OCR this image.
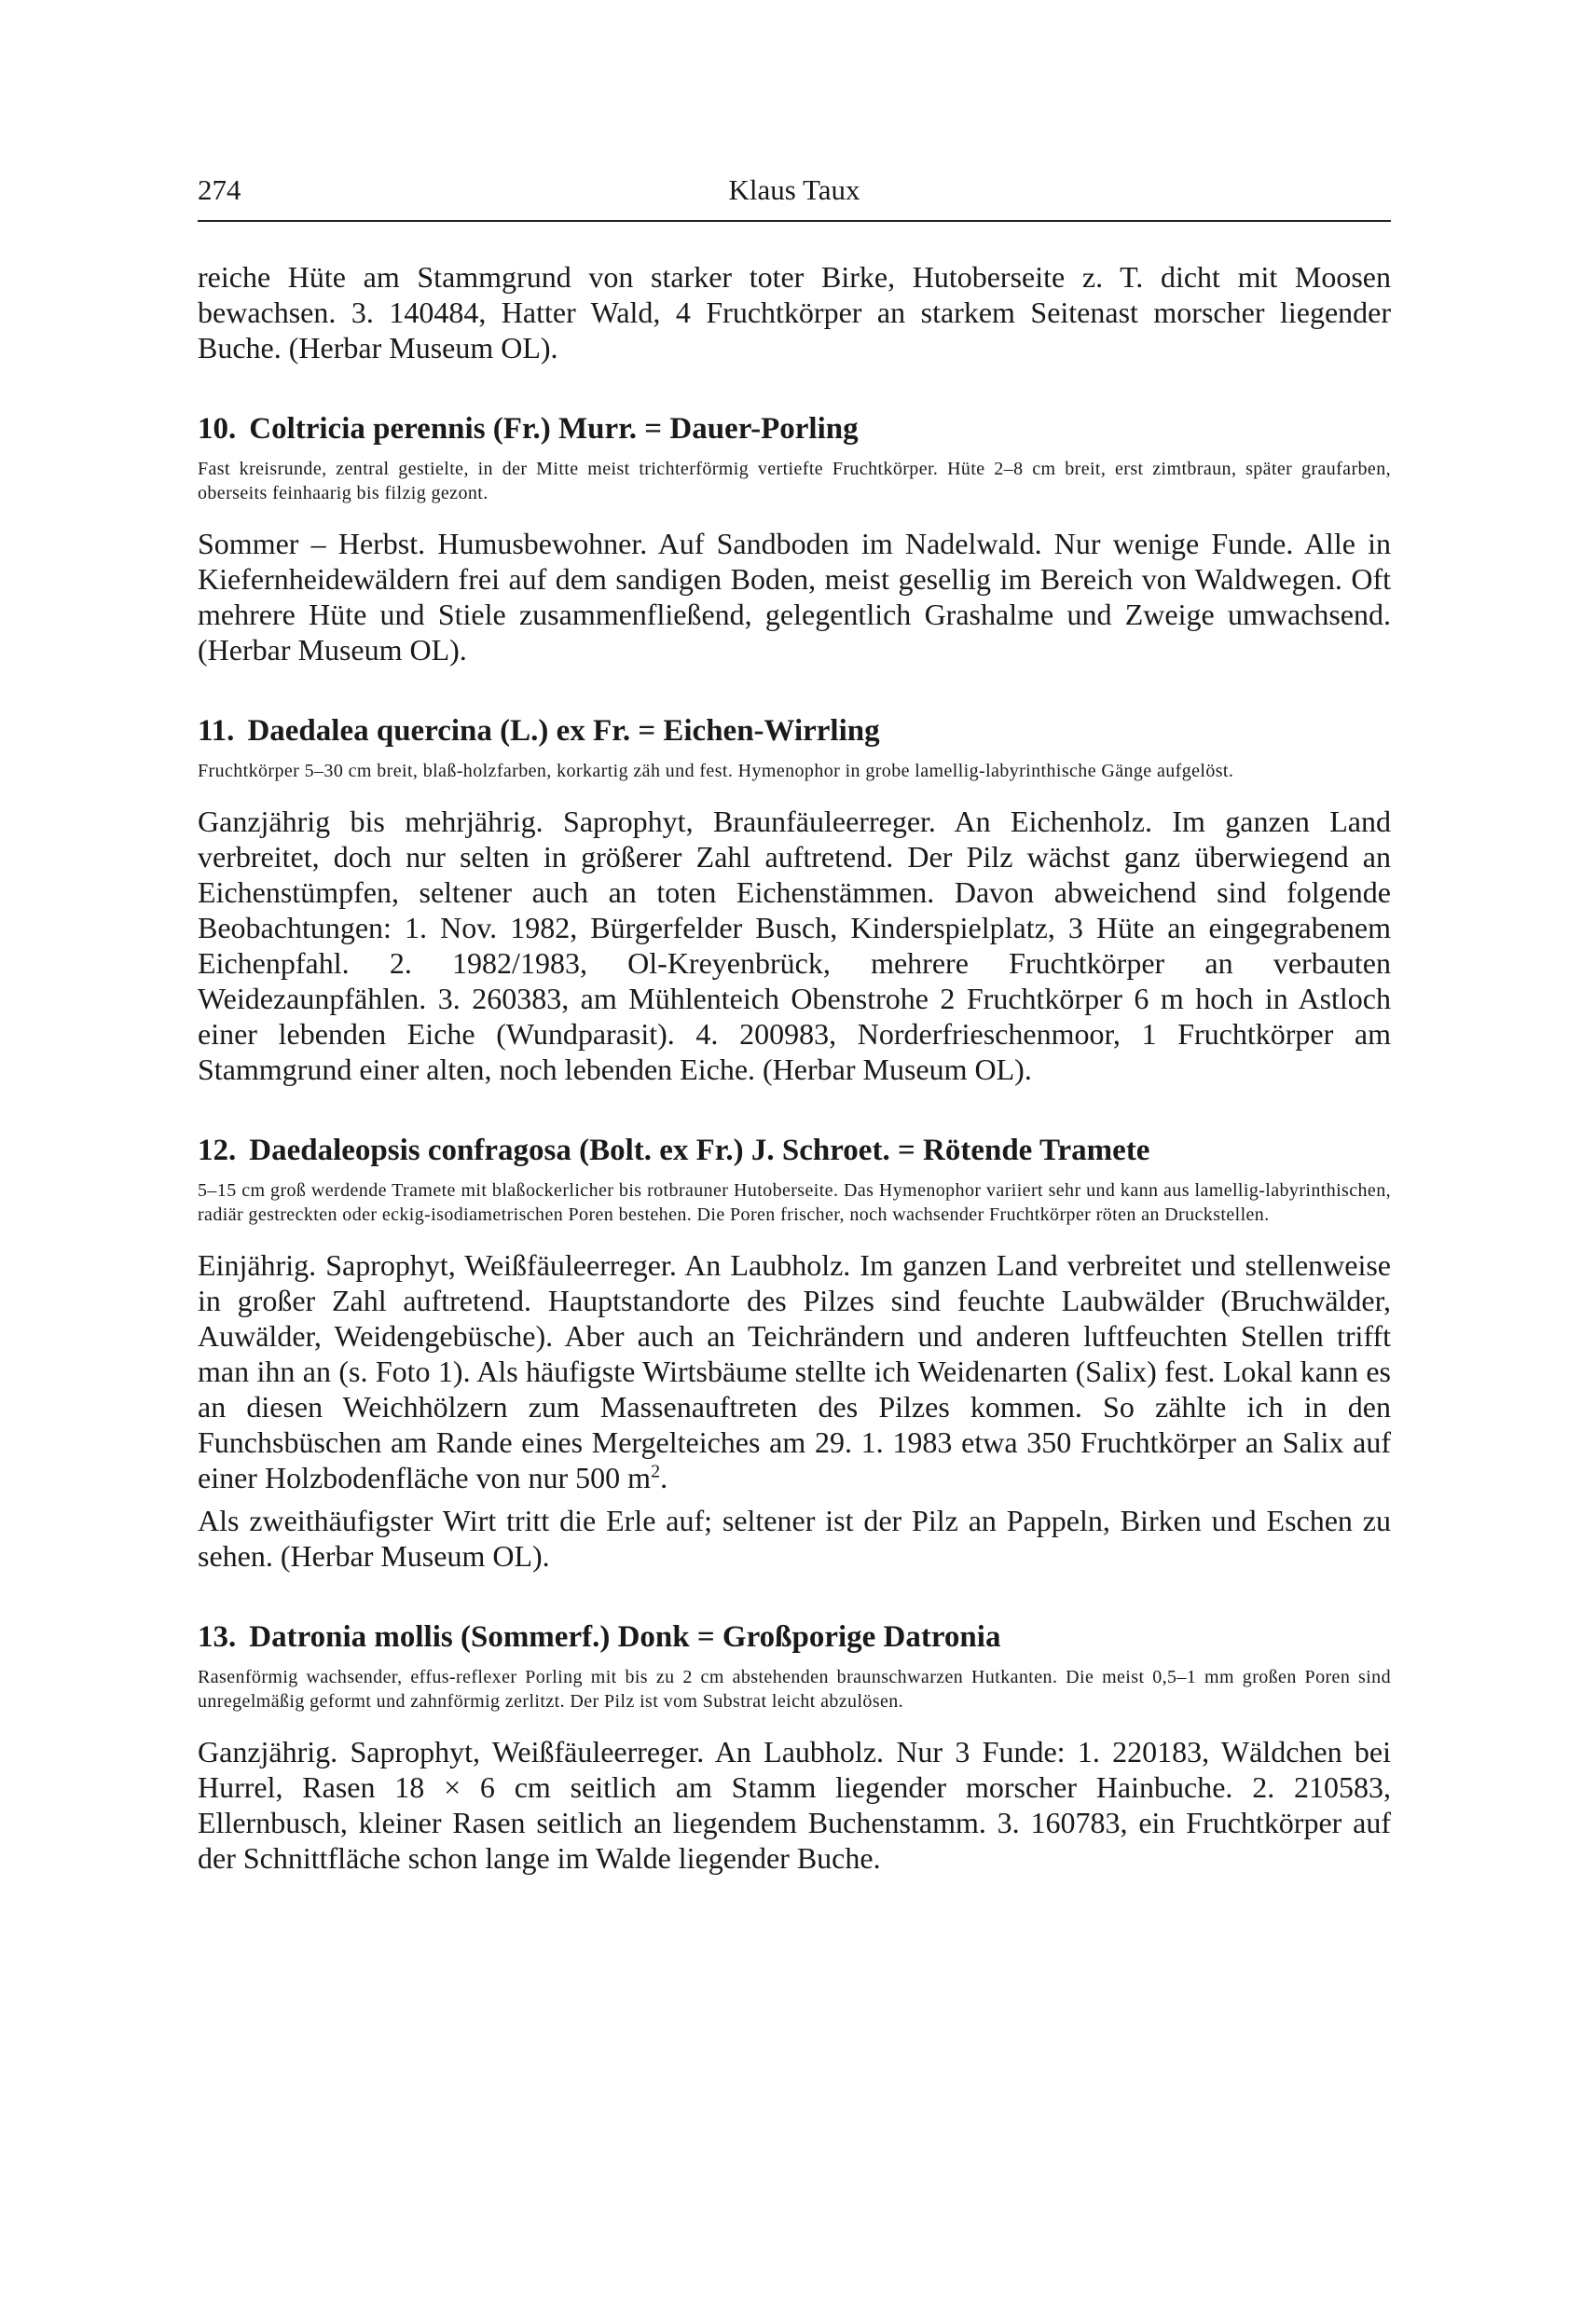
274	Klaus Taux

reiche Hüte am Stammgrund von starker toter Birke, Hutoberseite z. T. dicht mit Moosen bewachsen. 3. 140484, Hatter Wald, 4 Fruchtkörper an starkem Seitenast morscher liegender Buche. (Herbar Museum OL).

10. Coltricia perennis (Fr.) Murr. = Dauer-Porling

Fast kreisrunde, zentral gestielte, in der Mitte meist trichterförmig vertiefte Fruchtkörper. Hüte 2–8 cm breit, erst zimtbraun, später graufarben, oberseits feinhaarig bis filzig gezont.

Sommer – Herbst. Humusbewohner. Auf Sandboden im Nadelwald. Nur wenige Funde. Alle in Kiefernheidewäldern frei auf dem sandigen Boden, meist gesellig im Bereich von Waldwegen. Oft mehrere Hüte und Stiele zusammenfließend, gelegentlich Grashalme und Zweige umwachsend. (Herbar Museum OL).

11. Daedalea quercina (L.) ex Fr. = Eichen-Wirrling

Fruchtkörper 5–30 cm breit, blaß-holzfarben, korkartig zäh und fest. Hymenophor in grobe lamellig-labyrinthische Gänge aufgelöst.

Ganzjährig bis mehrjährig. Saprophyt, Braunfäuleerreger. An Eichenholz. Im ganzen Land verbreitet, doch nur selten in größerer Zahl auftretend. Der Pilz wächst ganz überwiegend an Eichenstümpfen, seltener auch an toten Eichenstämmen. Davon abweichend sind folgende Beobachtungen: 1. Nov. 1982, Bürgerfelder Busch, Kinderspielplatz, 3 Hüte an eingegrabenem Eichenpfahl. 2. 1982/1983, Ol-Kreyenbrück, mehrere Fruchtkörper an verbauten Weidezaunpfählen. 3. 260383, am Mühlenteich Obenstrohe 2 Fruchtkörper 6 m hoch in Astloch einer lebenden Eiche (Wundparasit). 4. 200983, Norderfrieschenmoor, 1 Fruchtkörper am Stammgrund einer alten, noch lebenden Eiche. (Herbar Museum OL).

12. Daedaleopsis confragosa (Bolt. ex Fr.) J. Schroet. = Rötende Tramete

5–15 cm groß werdende Tramete mit blaßockerlicher bis rotbrauner Hutoberseite. Das Hymenophor variiert sehr und kann aus lamellig-labyrinthischen, radiär gestreckten oder eckig-isodiametrischen Poren bestehen. Die Poren frischer, noch wachsender Fruchtkörper röten an Druckstellen.

Einjährig. Saprophyt, Weißfäuleerreger. An Laubholz. Im ganzen Land verbreitet und stellenweise in großer Zahl auftretend. Hauptstandorte des Pilzes sind feuchte Laubwälder (Bruchwälder, Auwälder, Weidengebüsche). Aber auch an Teichrändern und anderen luftfeuchten Stellen trifft man ihn an (s. Foto 1). Als häufigste Wirtsbäume stellte ich Weidenarten (Salix) fest. Lokal kann es an diesen Weichhölzern zum Massenauftreten des Pilzes kommen. So zählte ich in den Funchsbüschen am Rande eines Mergelteiches am 29. 1. 1983 etwa 350 Fruchtkörper an Salix auf einer Holzbodenfläche von nur 500 $m^2$.

Als zweithäufigster Wirt tritt die Erle auf; seltener ist der Pilz an Pappeln, Birken und Eschen zu sehen. (Herbar Museum OL).

13. Datronia mollis (Sommerf.) Donk = Großporige Datronia

Rasenförmig wachsender, effus-reflexer Porling mit bis zu 2 cm abstehenden braunschwarzen Hutkanten. Die meist 0,5–1 mm großen Poren sind unregelmäßig geformt und zahnförmig zerlitzt. Der Pilz ist vom Substrat leicht abzulösen.

Ganzjährig. Saprophyt, Weißfäuleerreger. An Laubholz. Nur 3 Funde: 1. 220183, Wäldchen bei Hurrel, Rasen 18 × 6 cm seitlich am Stamm liegender morscher Hainbuche. 2. 210583, Ellernbusch, kleiner Rasen seitlich an liegendem Buchenstamm. 3. 160783, ein Fruchtkörper auf der Schnittfläche schon lange im Walde liegender Buche.
